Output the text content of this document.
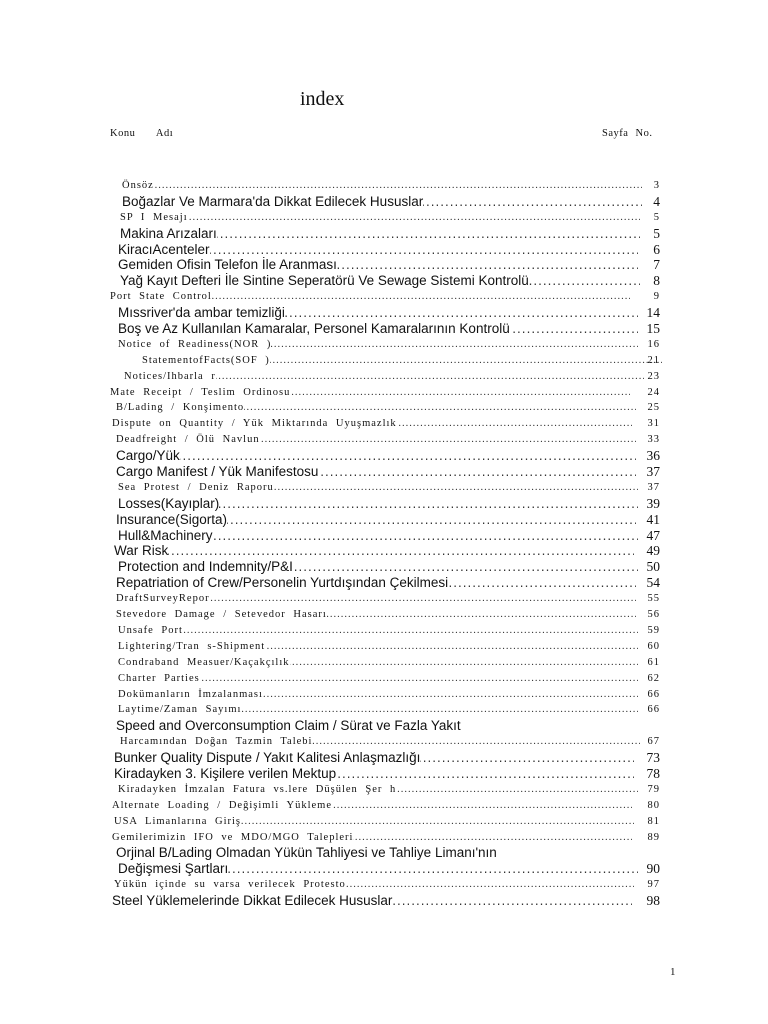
index
Konu Adı	Sayfa No.
Önsöz .....	3
Boğazlar Ve Marmara'da Dikkat Edilecek Hususlar .....	4
SP I Mesajı .....	5
Makina Arızaları .....	5
KiracıAcenteler .....	6
Gemiden Ofisin Telefon İle Aranması .....	7
Yağ Kayıt Defteri İle Sintine Seperatörü Ve Sewage Sistemi Kontrolü .....	8
Port State Control .....	9
Mıssriver'da ambar temizliği .....	14
Boş ve Az Kullanılan Kamaralar, Personel Kamaralarının Kontrolü .....	15
Notice of Readiness(NOR ) .....	16
StatementofFacts(SOF ) .....	21
Notices/Ihbarla r .....	23
Mate Receipt / Teslim Ordinosu .....	24
B/Lading / Konşimento .....	25
Dispute on Quantity / Yük Miktarında Uyuşmazlık .....	31
Deadfreight / Ölü Navlun .....	33
Cargo/Yük .....	36
Cargo Manifest / Yük Manifestosu .....	37
Sea Protest / Deniz Raporu .....	37
Losses(Kayıplar) .....	39
Insurance(Sigorta) .....	41
Hull&Machinery .....	47
War Risk .....	49
Protection and Indemnity/P&I .....	50
Repatriation of Crew/Personelin Yurtdışından Çekilmesi .....	54
DraftSurveyRepor .....	55
Stevedore Damage / Setevedor Hasarı .....	56
Unsafe Port .....	59
Lightering/Tran s-Shipment .....	60
Condraband Measuer/Kaçakçılık .....	61
Charter Parties .....	62
Dokümanların İmzalanması .....	66
Laytime/Zaman Sayımı .....	66
Speed and Overconsumption Claim / Sürat ve Fazla Yakıt
Harcamından Doğan Tazmin Talebi .....	67
Bunker Quality Dispute / Yakıt Kalitesi Anlaşmazlığı .....	73
Kiradayken 3. Kişilere verilen Mektup .....	78
Kiradayken İmzalan Fatura vs.lere Düşülen Şer h .....	79
Alternate Loading / Değişimli Yükleme .....	80
USA Limanlarına Giriş .....	81
Gemilerimizin IFO ve MDO/MGO Talepleri .....	89
Orjinal B/Lading Olmadan Yükün Tahliyesi ve Tahliye Limanı'nın
Değişmesi Şartları .....	90
Yükün içinde su varsa verilecek Protesto .....	97
Steel Yüklemelerinde Dikkat Edilecek Hususlar .....	98
1
